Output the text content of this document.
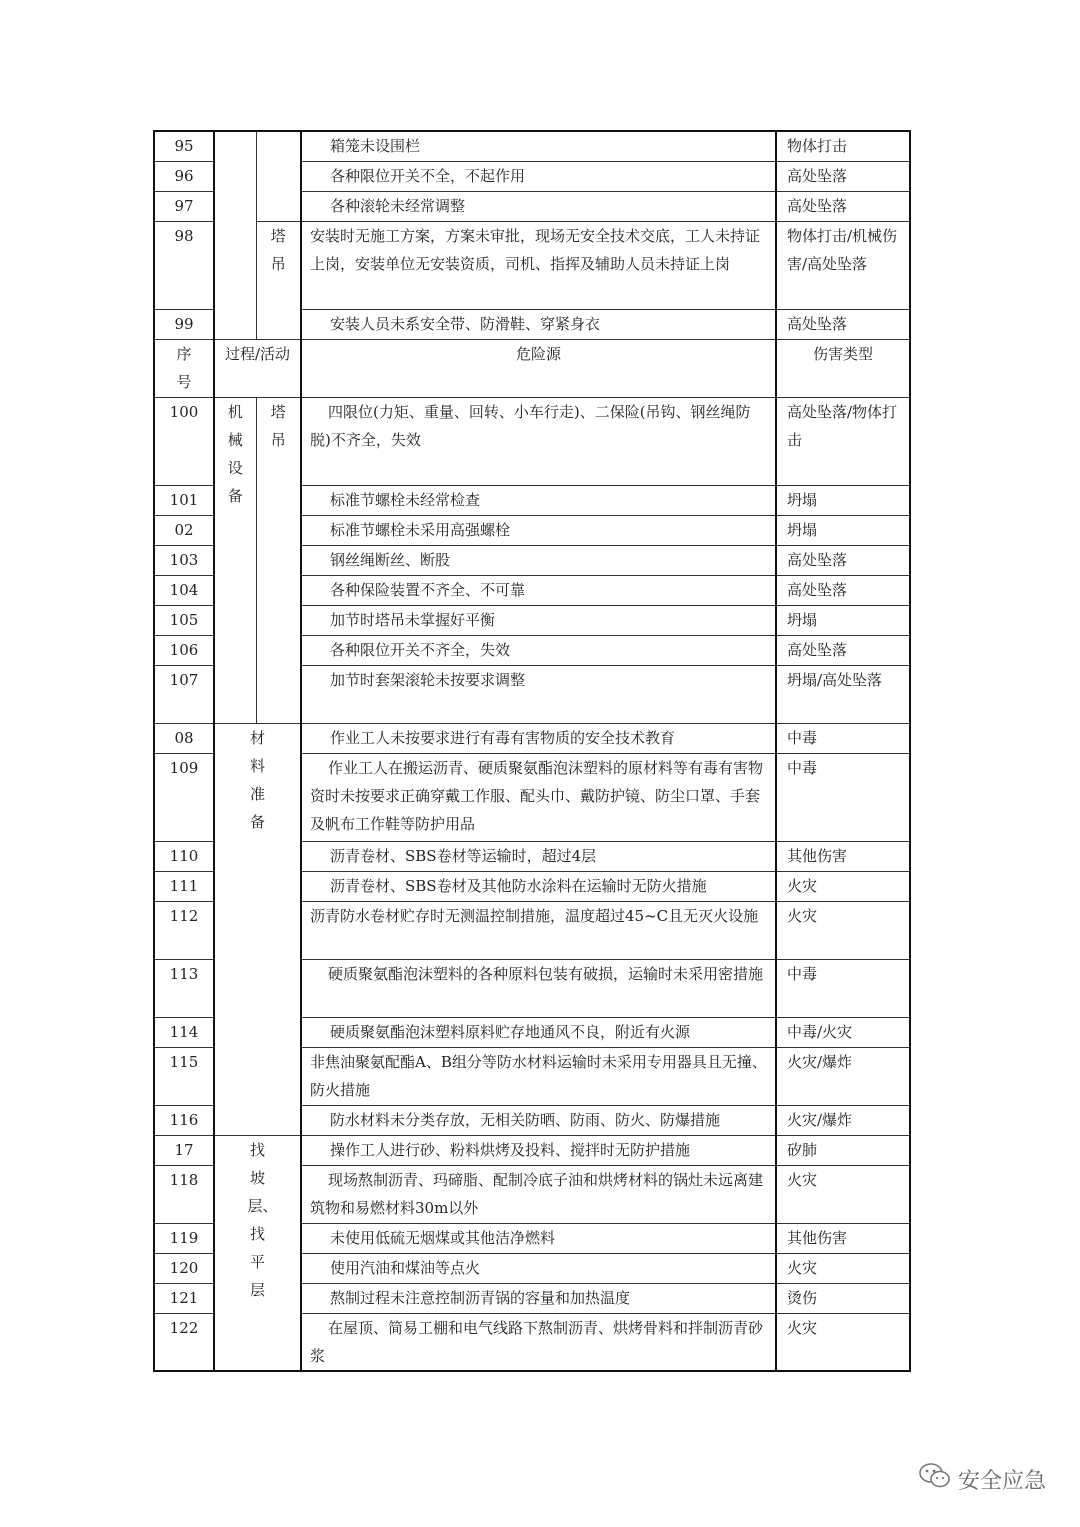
95			箱笼未设围栏	物体打击
96			各种限位开关不全，不起作用	高处坠落
97			各种滚轮未经常调整	高处坠落
98		塔吊	安装时无施工方案，方案未审批，现场无安全技术交底，工人未持证上岗，安装单位无安装资质，司机、指挥及辅助人员未持证上岗	物体打击/机械伤害/高处坠落
99			安装人员未系安全带、防滑鞋、穿紧身衣	高处坠落
序号	过程/活动		危险源	伤害类型
100	机械设备	塔吊	四限位(力矩、重量、回转、小车行走)、二保险(吊钩、钢丝绳防脱)不齐全，失效	高处坠落/物体打击
101			标准节螺栓未经常检查	坍塌
02			标准节螺栓未采用高强螺栓	坍塌
103			钢丝绳断丝、断股	高处坠落
104			各种保险装置不齐全、不可靠	高处坠落
105			加节时塔吊未掌握好平衡	坍塌
106			各种限位开关不齐全，失效	高处坠落
107			加节时套架滚轮未按要求调整	坍塌/高处坠落
08	材料准备		作业工人未按要求进行有毒有害物质的安全技术教育	中毒
109			作业工人在搬运沥青、硬质聚氨酯泡沫塑料的原材料等有毒有害物资时未按要求正确穿戴工作服、配头巾、戴防护镜、防尘口罩、手套及帆布工作鞋等防护用品	中毒
110			沥青卷材、SBS卷材等运输时，超过4层	其他伤害
111			沥青卷材、SBS卷材及其他防水涂料在运输时无防火措施	火灾
112			沥青防水卷材贮存时无测温控制措施，温度超过45~C且无灭火设施	火灾
113			硬质聚氨酯泡沫塑料的各种原料包装有破损，运输时未采用密措施	中毒
114			硬质聚氨酯泡沫塑料原料贮存地通风不良，附近有火源	中毒/火灾
115			非焦油聚氨配酯A、B组分等防水材料运输时未采用专用器具且无撞、防火措施	火灾/爆炸
116			防水材料未分类存放，无相关防晒、防雨、防火、防爆措施	火灾/爆炸
17	找坡层、找平层		操作工人进行砂、粉料烘烤及投料、搅拌时无防护措施	矽肺
118			现场熬制沥青、玛碲脂、配制冷底子油和烘烤材料的锅灶未远离建筑物和易燃材料30m以外	火灾
119			未使用低硫无烟煤或其他洁净燃料	其他伤害
120			使用汽油和煤油等点火	火灾
121			熬制过程未注意控制沥青锅的容量和加热温度	烫伤
122			在屋顶、简易工棚和电气线路下熬制沥青、烘烤骨料和拌制沥青砂浆	火灾
安全应急
